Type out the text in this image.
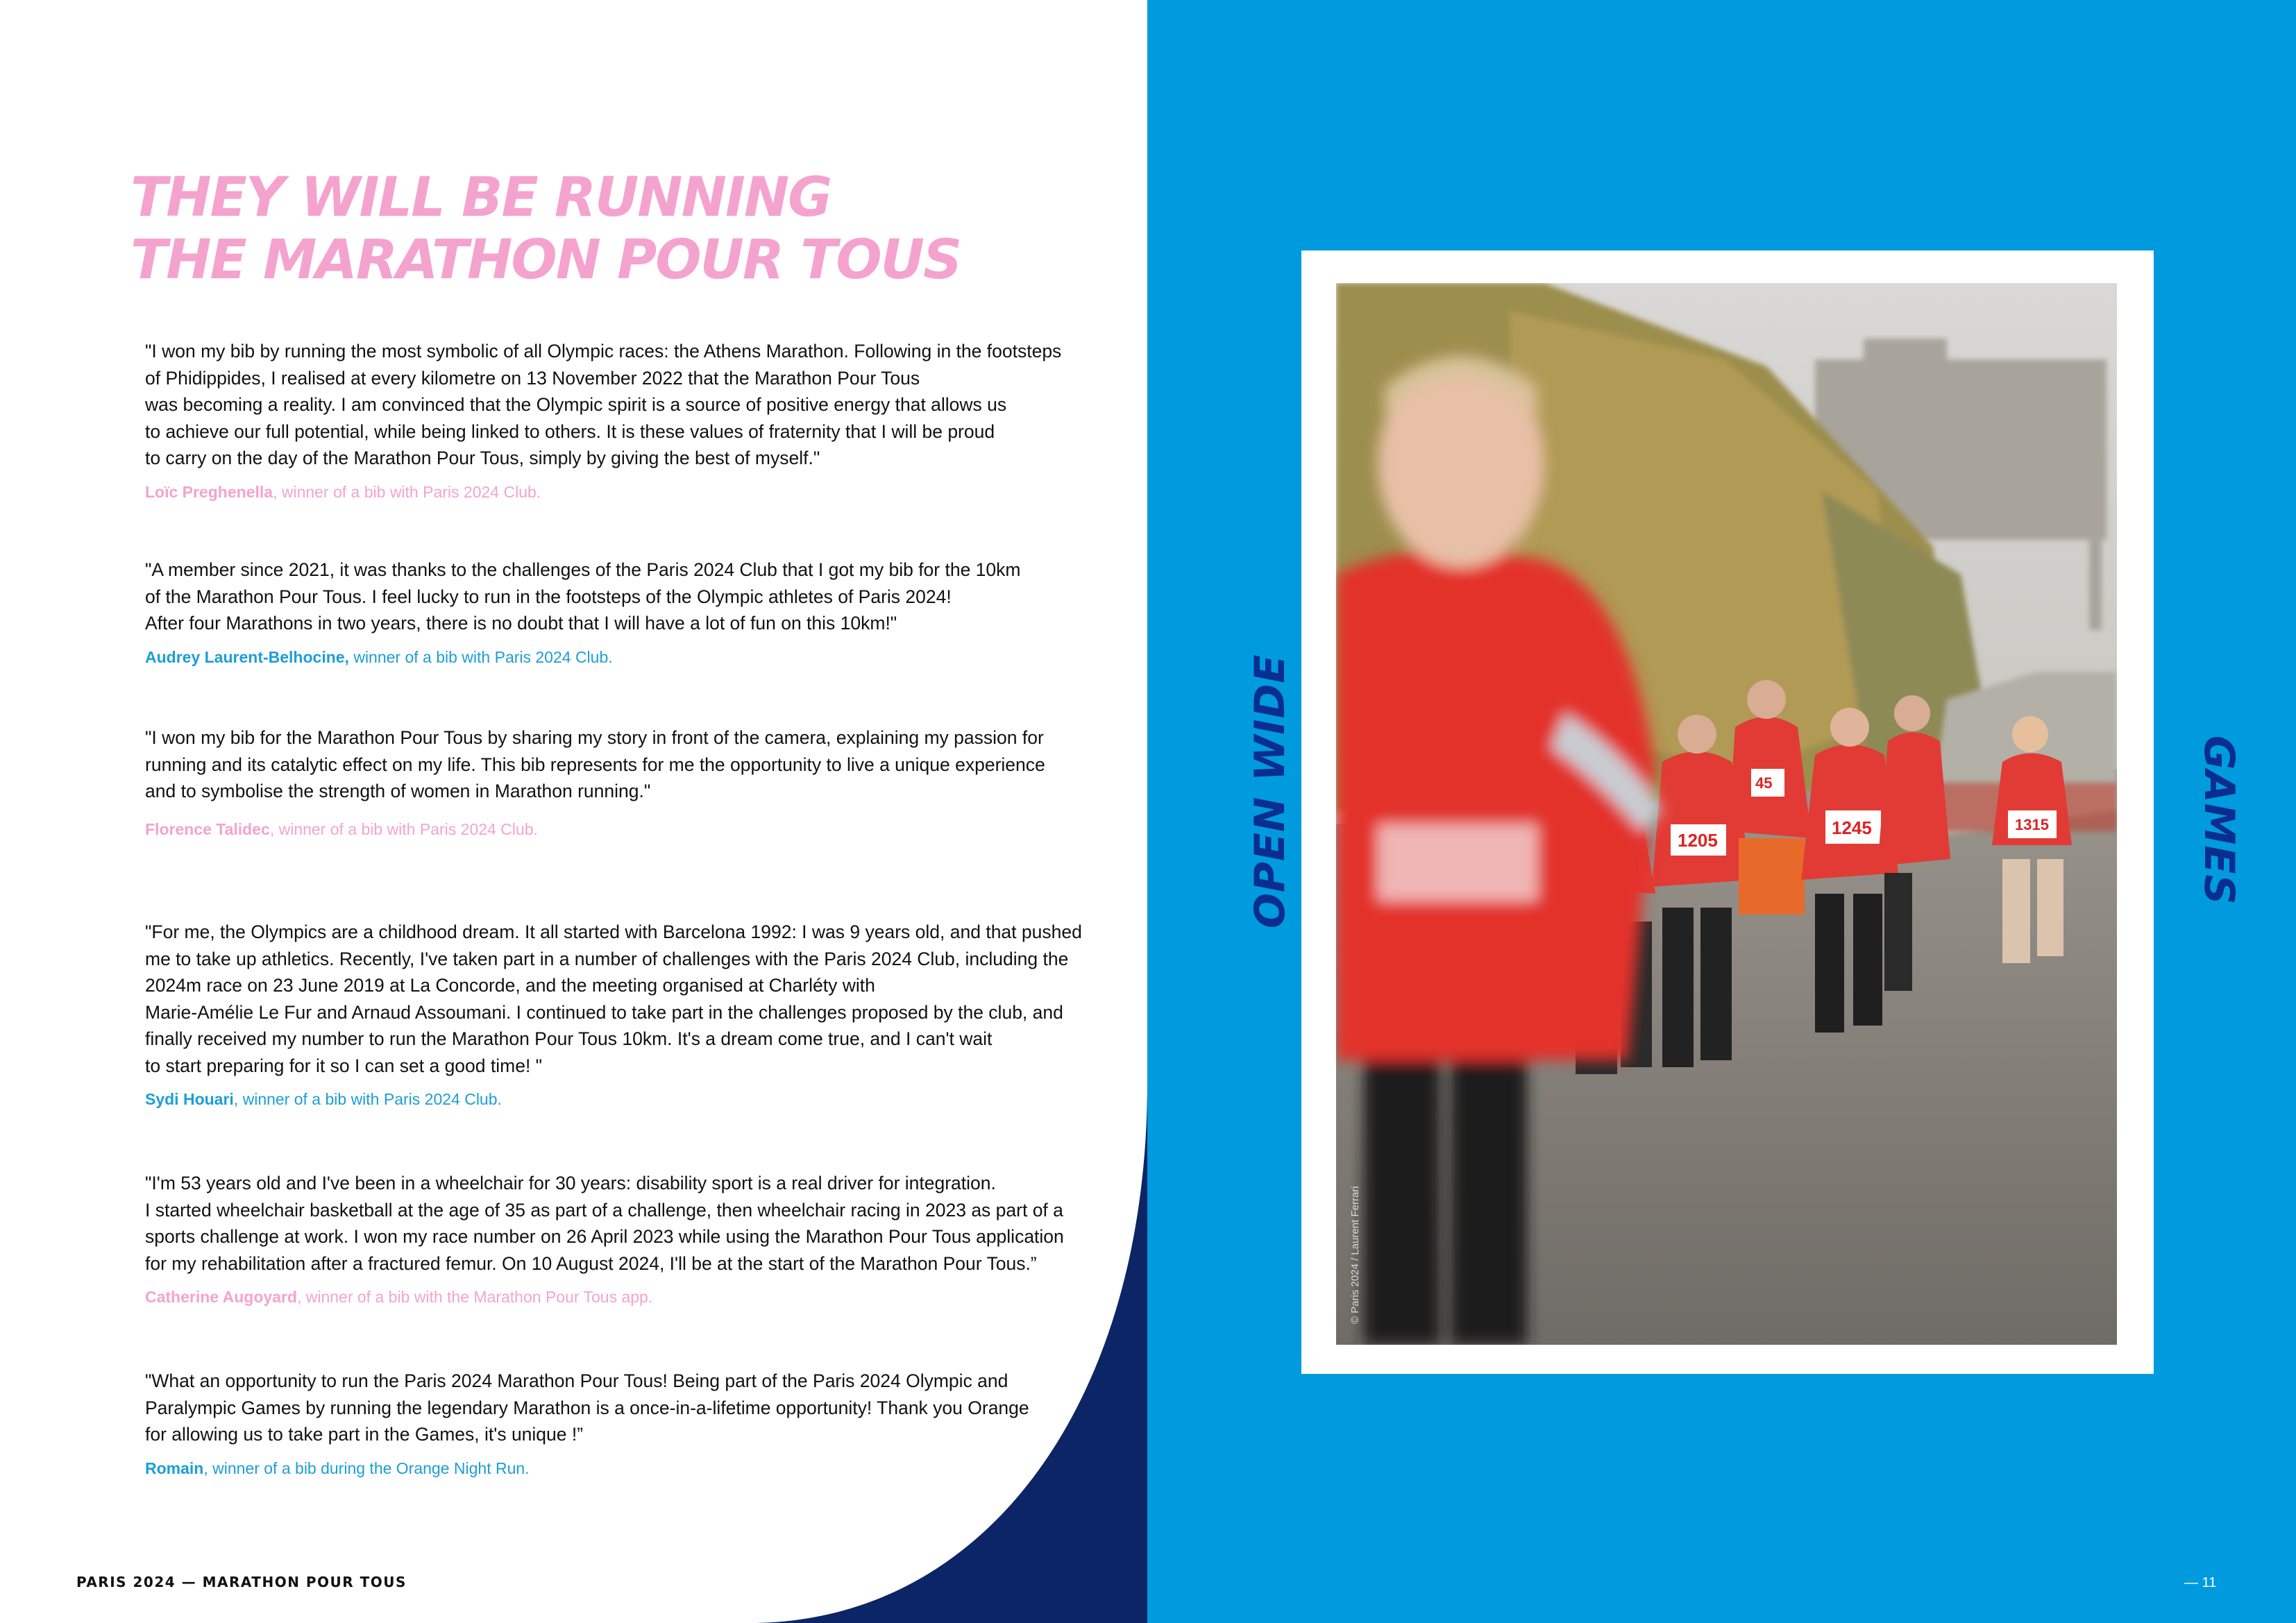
THEY WILL BE RUNNING
THE MARATHON POUR TOUS

"I won my bib by running the most symbolic of all Olympic races: the Athens Marathon. Following in the footsteps
of Phidippides, I realised at every kilometre on 13 November 2022 that the Marathon Pour Tous
was becoming a reality. I am convinced that the Olympic spirit is a source of positive energy that allows us
to achieve our full potential, while being linked to others. It is these values of fraternity that I will be proud
to carry on the day of the Marathon Pour Tous, simply by giving the best of myself."

Loïc Preghenella, winner of a bib with Paris 2024 Club.

"A member since 2021, it was thanks to the challenges of the Paris 2024 Club that I got my bib for the 10km
of the Marathon Pour Tous. I feel lucky to run in the footsteps of the Olympic athletes of Paris 2024!
After four Marathons in two years, there is no doubt that I will have a lot of fun on this 10km!"

Audrey Laurent-Belhocine, winner of a bib with Paris 2024 Club.

"I won my bib for the Marathon Pour Tous by sharing my story in front of the camera, explaining my passion for
running and its catalytic effect on my life. This bib represents for me the opportunity to live a unique experience
and to symbolise the strength of women in Marathon running."

Florence Talidec, winner of a bib with Paris 2024 Club.

"For me, the Olympics are a childhood dream. It all started with Barcelona 1992: I was 9 years old, and that pushed
me to take up athletics. Recently, I've taken part in a number of challenges with the Paris 2024 Club, including the
2024m race on 23 June 2019 at La Concorde, and the meeting organised at Charléty with
Marie-Amélie Le Fur and Arnaud Assoumani. I continued to take part in the challenges proposed by the club, and
finally received my number to run the Marathon Pour Tous 10km. It's a dream come true, and I can't wait
to start preparing for it so I can set a good time! "

Sydi Houari, winner of a bib with Paris 2024 Club.

"I'm 53 years old and I've been in a wheelchair for 30 years: disability sport is a real driver for integration.
I started wheelchair basketball at the age of 35 as part of a challenge, then wheelchair racing in 2023 as part of a
sports challenge at work. I won my race number on 26 April 2023 while using the Marathon Pour Tous application
for my rehabilitation after a fractured femur. On 10 August 2024, I'll be at the start of the Marathon Pour Tous.”

Catherine Augoyard, winner of a bib with the Marathon Pour Tous app.

"What an opportunity to run the Paris 2024 Marathon Pour Tous! Being part of the Paris 2024 Olympic and
Paralympic Games by running the legendary Marathon is a once-in-a-lifetime opportunity! Thank you Orange
for allowing us to take part in the Games, it's unique !”

Romain, winner of a bib during the Orange Night Run.

PARIS 2024 — MARATHON POUR TOUS

OPEN WIDE	GAMES

1205
45
1245	1315

© Paris 2024 / Laurent Ferrari

— 11
